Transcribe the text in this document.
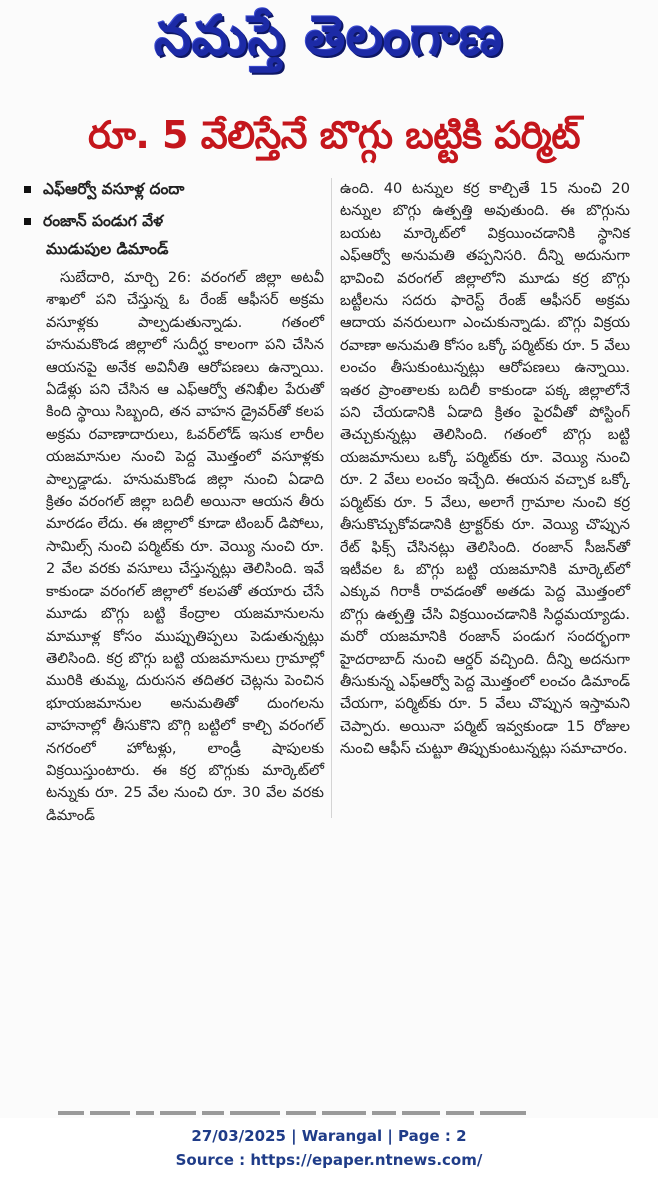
నమస్తే తెలంగాణ
రూ. 5 వేలిస్తేనే బొగ్గు బట్టికి పర్మిట్
ఎఫ్ఆర్వో వసూళ్ల దందా
రంజాన్ పండుగ వేళ
ముడుపుల డిమాండ్

సుబేదారి, మార్చి 26: వరంగల్ జిల్లా అటవీ శాఖలో పని చేస్తున్న ఓ రేంజ్ ఆఫీసర్ అక్రమ వసూళ్లకు పాల్పడుతున్నాడు. గతంలో హనుమకొండ జిల్లాలో సుదీర్ఘ కాలంగా పని చేసిన ఆయనపై అనేక అవినీతి ఆరోపణలు ఉన్నాయి. ఏడేళ్లు పని చేసిన ఆ ఎఫ్ఆర్వో తనిఖీల పేరుతో కింది స్థాయి సిబ్బంది, తన వాహన డ్రైవర్‌తో కలప అక్రమ రవాణాదారులు, ఓవర్‌లోడ్ ఇసుక లారీల యజమానుల నుంచి పెద్ద మొత్తంలో వసూళ్లకు పాల్పడ్డాడు. హనుమకొండ జిల్లా నుంచి ఏడాది క్రితం వరంగల్ జిల్లా బదిలీ అయినా ఆయన తీరు మారడం లేదు. ఈ జిల్లాలో కూడా టింబర్ డిపోలు, సామిల్స్ నుంచి పర్మిట్‌కు రూ. వెయ్యి నుంచి రూ. 2 వేల వరకు వసూలు చేస్తున్నట్లు తెలిసింది. ఇవే కాకుండా వరంగల్ జిల్లాలో కలపతో తయారు చేసే మూడు బొగ్గు బట్టి కేంద్రాల యజమానులను మామూళ్ల కోసం ముప్పుతిప్పలు పెడుతున్నట్లు తెలిసింది. కర్ర బొగ్గు బట్టి యజమానులు గ్రామాల్లో మురికి తుమ్మ, దురుసన తదితర చెట్లను పెంచిన భూయజమానుల అనుమతితో దుంగలను వాహనాల్లో తీసుకొని బొగ్గి బట్టిలో కాల్చి వరంగల్ నగరంలో హోటళ్లు, లాండ్రీ షాపులకు విక్రయిస్తుంటారు. ఈ కర్ర బొగ్గుకు మార్కెట్‌లో టన్నుకు రూ. 25 వేల నుంచి రూ. 30 వేల వరకు డిమాండ్

ఉంది. 40 టన్నుల కర్ర కాల్చితే 15 నుంచి 20 టన్నుల బొగ్గు ఉత్పత్తి అవుతుంది. ఈ బొగ్గును బయట మార్కెట్‌లో విక్రయించడానికి స్థానిక ఎఫ్ఆర్వో అనుమతి తప్పనిసరి. దీన్ని అదునుగా భావించి వరంగల్ జిల్లాలోని మూడు కర్ర బొగ్గు బట్టీలను సదరు ఫారెస్ట్ రేంజ్ ఆఫీసర్ అక్రమ ఆదాయ వనరులుగా ఎంచుకున్నాడు. బొగ్గు విక్రయ రవాణా అనుమతి కోసం ఒక్కో పర్మిట్‌కు రూ. 5 వేలు లంచం తీసుకుంటున్నట్లు ఆరోపణలు ఉన్నాయి. ఇతర ప్రాంతాలకు బదిలీ కాకుండా పక్క జిల్లాలోనే పని చేయడానికి ఏడాది క్రితం పైరవీతో పోస్టింగ్ తెచ్చుకున్నట్లు తెలిసింది. గతంలో బొగ్గు బట్టి యజమానులు ఒక్కో పర్మిట్‌కు రూ. వెయ్యి నుంచి రూ. 2 వేలు లంచం ఇచ్చేది. ఈయన వచ్చాక ఒక్కో పర్మిట్‌కు రూ. 5 వేలు, అలాగే గ్రామాల నుంచి కర్ర తీసుకొచ్చుకోవడానికి ట్రాక్టర్‌కు రూ. వెయ్యి చొప్పున రేట్ ఫిక్స్ చేసినట్లు తెలిసింది. రంజాన్ సీజన్‌తో ఇటీవల ఓ బొగ్గు బట్టి యజమానికి మార్కెట్‌లో ఎక్కువ గిరాకీ రావడంతో అతడు పెద్ద మొత్తంలో బొగ్గు ఉత్పత్తి చేసి విక్రయించడానికి సిద్ధమయ్యాడు. మరో యజమానికి రంజాన్ పండుగ సందర్భంగా హైదరాబాద్ నుంచి ఆర్డర్ వచ్చింది. దీన్ని అదనుగా తీసుకున్న ఎఫ్ఆర్వో పెద్ద మొత్తంలో లంచం డిమాండ్ చేయగా, పర్మిట్‌కు రూ. 5 వేలు చొప్పున ఇస్తామని చెప్పారు. అయినా పర్మిట్ ఇవ్వకుండా 15 రోజుల నుంచి ఆఫీస్ చుట్టూ తిప్పుకుంటున్నట్లు సమాచారం.

27/03/2025 | Warangal | Page : 2
Source : https://epaper.ntnews.com/
